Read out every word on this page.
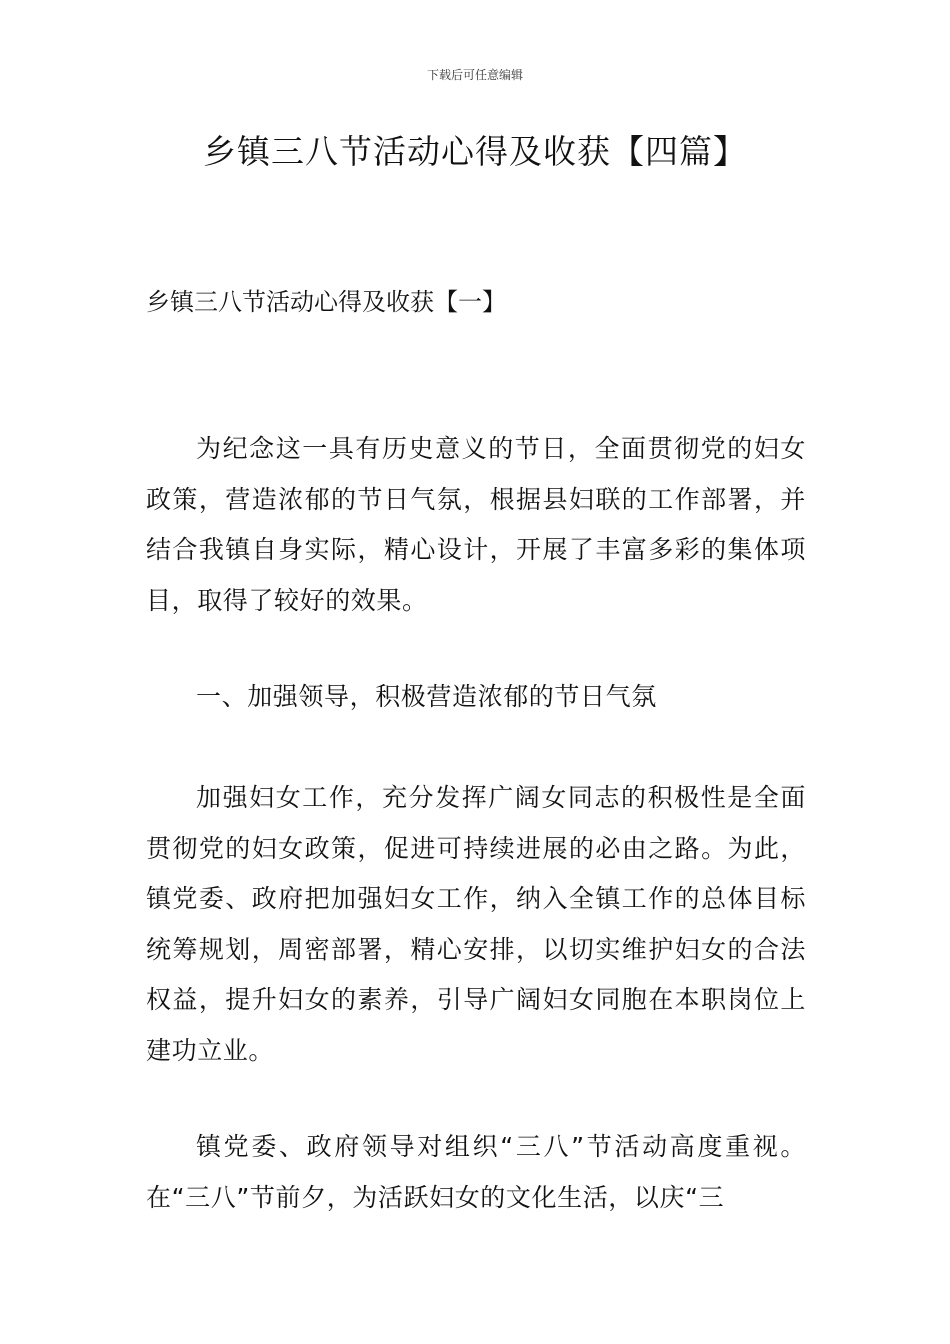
下载后可任意编辑
乡镇三八节活动心得及收获【四篇】
乡镇三八节活动心得及收获【一】

为纪念这一具有历史意义的节日，全面贯彻党的妇女政策，营造浓郁的节日气氛，根据县妇联的工作部署，并结合我镇自身实际，精心设计，开展了丰富多彩的集体项目，取得了较好的效果。

一、加强领导，积极营造浓郁的节日气氛

加强妇女工作，充分发挥广阔女同志的积极性是全面贯彻党的妇女政策，促进可持续进展的必由之路。为此，镇党委、政府把加强妇女工作，纳入全镇工作的总体目标统筹规划，周密部署，精心安排，以切实维护妇女的合法权益，提升妇女的素养，引导广阔妇女同胞在本职岗位上建功立业。

镇党委、政府领导对组织“三八”节活动高度重视。在“三八”节前夕，为活跃妇女的文化生活，以庆“三
